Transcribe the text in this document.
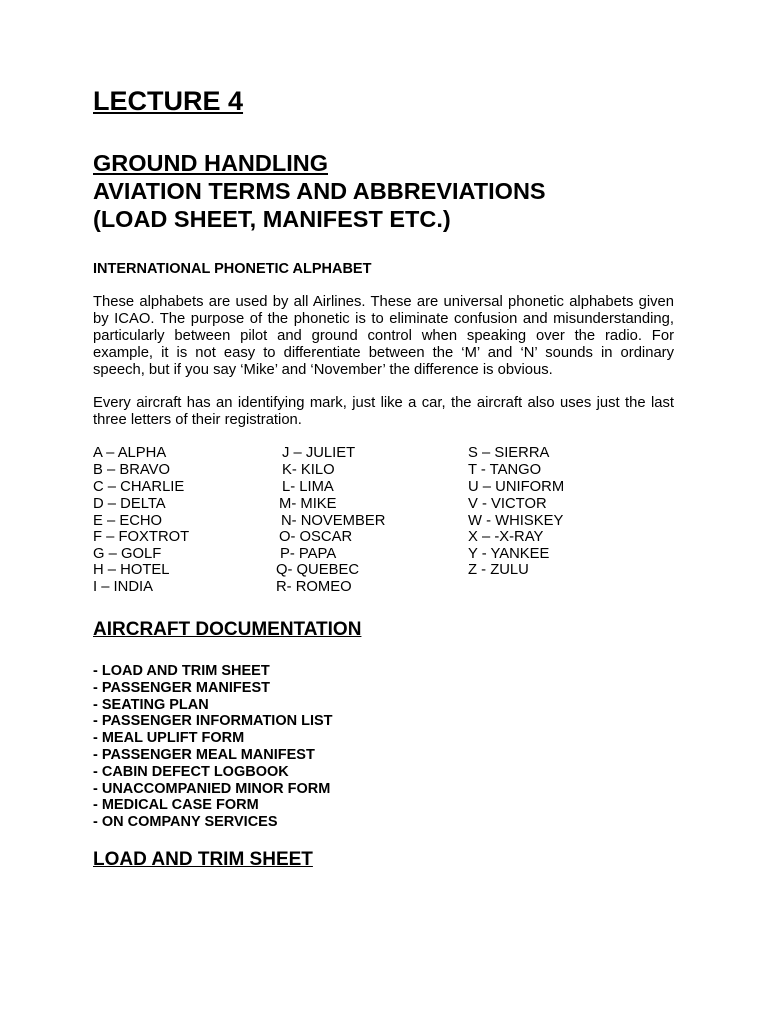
LECTURE 4
GROUND HANDLING
AVIATION TERMS AND ABBREVIATIONS
(LOAD SHEET, MANIFEST ETC.)
INTERNATIONAL PHONETIC ALPHABET
These alphabets are used by all Airlines. These are universal phonetic alphabets given by ICAO. The purpose of the phonetic is to eliminate confusion and misunderstanding, particularly between pilot and ground control when speaking over the radio. For example, it is not easy to differentiate between the ‘M’ and ‘N’ sounds in ordinary speech, but if you say ‘Mike’ and ‘November’ the difference is obvious.
Every aircraft has an identifying mark, just like a car, the aircraft also uses just the last three letters of their registration.
A – ALPHA
B – BRAVO
C – CHARLIE
D – DELTA
E – ECHO
F – FOXTROT
G – GOLF
H – HOTEL
I – INDIA
J – JULIET
K- KILO
L- LIMA
M- MIKE
N- NOVEMBER
O- OSCAR
P- PAPA
Q- QUEBEC
R- ROMEO
S – SIERRA
T - TANGO
U – UNIFORM
V - VICTOR
W - WHISKEY
X – -X-RAY
Y - YANKEE
Z - ZULU
AIRCRAFT DOCUMENTATION
- LOAD AND TRIM SHEET
- PASSENGER MANIFEST
- SEATING PLAN
- PASSENGER INFORMATION LIST
- MEAL UPLIFT FORM
- PASSENGER MEAL MANIFEST
- CABIN DEFECT LOGBOOK
- UNACCOMPANIED MINOR FORM
- MEDICAL CASE FORM
- ON COMPANY SERVICES
LOAD AND TRIM SHEET
